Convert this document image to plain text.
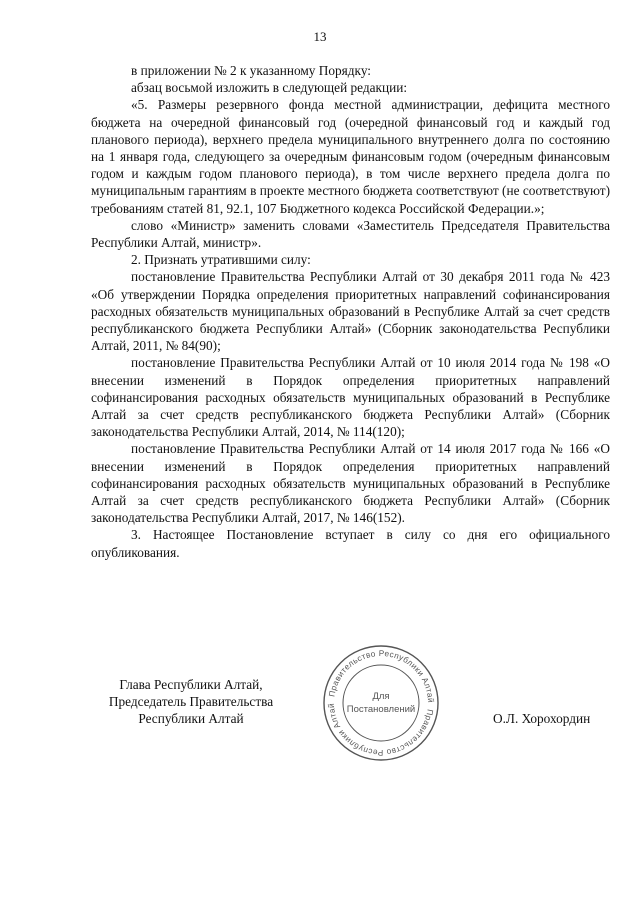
13

в приложении № 2 к указанному Порядку:

абзац восьмой изложить в следующей редакции:

«5. Размеры резервного фонда местной администрации, дефицита местного бюджета на очередной финансовый год (очередной финансовый год и каждый год планового периода), верхнего предела муниципального внутреннего долга по состоянию на 1 января года, следующего за очередным финансовым годом (очередным финансовым годом и каждым годом планового периода), в том числе верхнего предела долга по муниципальным гарантиям в проекте местного бюджета соответствуют (не соответствуют) требованиям статей 81, 92.1, 107 Бюджетного кодекса Российской Федерации.»;

слово «Министр» заменить словами «Заместитель Председателя Правительства Республики Алтай, министр».

2. Признать утратившими силу:

постановление Правительства Республики Алтай от 30 декабря 2011 года № 423 «Об утверждении Порядка определения приоритетных направлений софинансирования расходных обязательств муниципальных образований в Республике Алтай за счет средств республиканского бюджета Республики Алтай» (Сборник законодательства Республики Алтай, 2011, № 84(90);

постановление Правительства Республики Алтай от 10 июля 2014 года № 198 «О внесении изменений в Порядок определения приоритетных направлений софинансирования расходных обязательств муниципальных образований в Республике Алтай за счет средств республиканского бюджета Республики Алтай» (Сборник законодательства Республики Алтай, 2014, № 114(120);

постановление Правительства Республики Алтай от 14 июля 2017 года № 166 «О внесении изменений в Порядок определения приоритетных направлений софинансирования расходных обязательств муниципальных образований в Республике Алтай за счет средств республиканского бюджета Республики Алтай» (Сборник законодательства Республики Алтай, 2017, № 146(152).

3. Настоящее Постановление вступает в силу со дня его официального опубликования.

Глава Республики Алтай,
Председатель Правительства
Республики Алтай
Правительство Республики Алтай
Правительство Республики Алтай
Для
Постановлений
О.Л. Хорохордин
